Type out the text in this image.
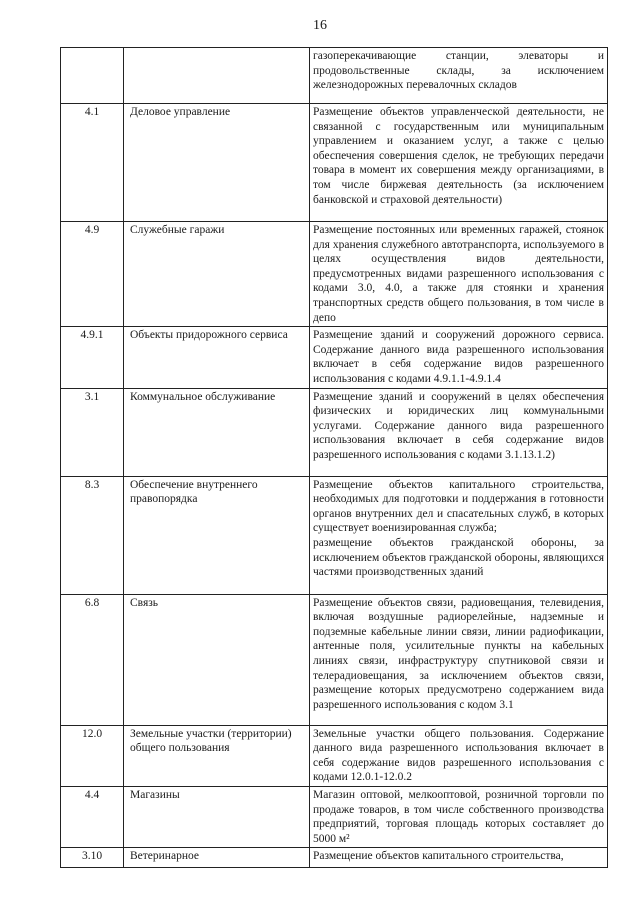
16
		газоперекачивающие станции, элеваторы и продовольственные склады, за исключением железнодорожных перевалочных складов
4.1	Деловое управление	Размещение объектов управленческой деятельности, не связанной с государственным или муниципальным управлением и оказанием услуг, а также с целью обеспечения совершения сделок, не требующих передачи товара в момент их совершения между организациями, в том числе биржевая деятельность (за исключением банковской и страховой деятельности)
4.9	Служебные гаражи	Размещение постоянных или временных гаражей, стоянок для хранения служебного автотранспорта, используемого в целях осуществления видов деятельности, предусмотренных видами разрешенного использования с кодами 3.0, 4.0, а также для стоянки и хранения транспортных средств общего пользования, в том числе в депо
4.9.1	Объекты придорожного сервиса	Размещение зданий и сооружений дорожного сервиса. Содержание данного вида разрешенного использования включает в себя содержание видов разрешенного использования с кодами 4.9.1.1-4.9.1.4
3.1	Коммунальное обслуживание	Размещение зданий и сооружений в целях обеспечения физических и юридических лиц коммунальными услугами. Содержание данного вида разрешенного использования включает в себя содержание видов разрешенного использования с кодами 3.1.13.1.2)
8.3	Обеспечение внутреннего правопорядка	Размещение объектов капитального строительства, необходимых для подготовки и поддержания в готовности органов внутренних дел и спасательных служб, в которых существует военизированная служба;
размещение объектов гражданской обороны, за исключением объектов гражданской обороны, являющихся частями производственных зданий

6.8	Связь	Размещение объектов связи, радиовещания, телевидения, включая воздушные радиорелейные, надземные и подземные кабельные линии связи, линии радиофикации, антенные поля, усилительные пункты на кабельных линиях связи, инфраструктуру спутниковой связи и телерадиовещания, за исключением объектов связи, размещение которых предусмотрено содержанием вида разрешенного использования с кодом 3.1
12.0	Земельные участки (территории) общего пользования	Земельные участки общего пользования. Содержание данного вида разрешенного использования включает в себя содержание видов разрешенного использования с кодами 12.0.1-12.0.2
4.4	Магазины	Магазин оптовой, мелкооптовой, розничной торговли по продаже товаров, в том числе собственного производства предприятий, торговая площадь которых составляет до 5000 м²
3.10	Ветеринарное	Размещение объектов капитального строительства,
